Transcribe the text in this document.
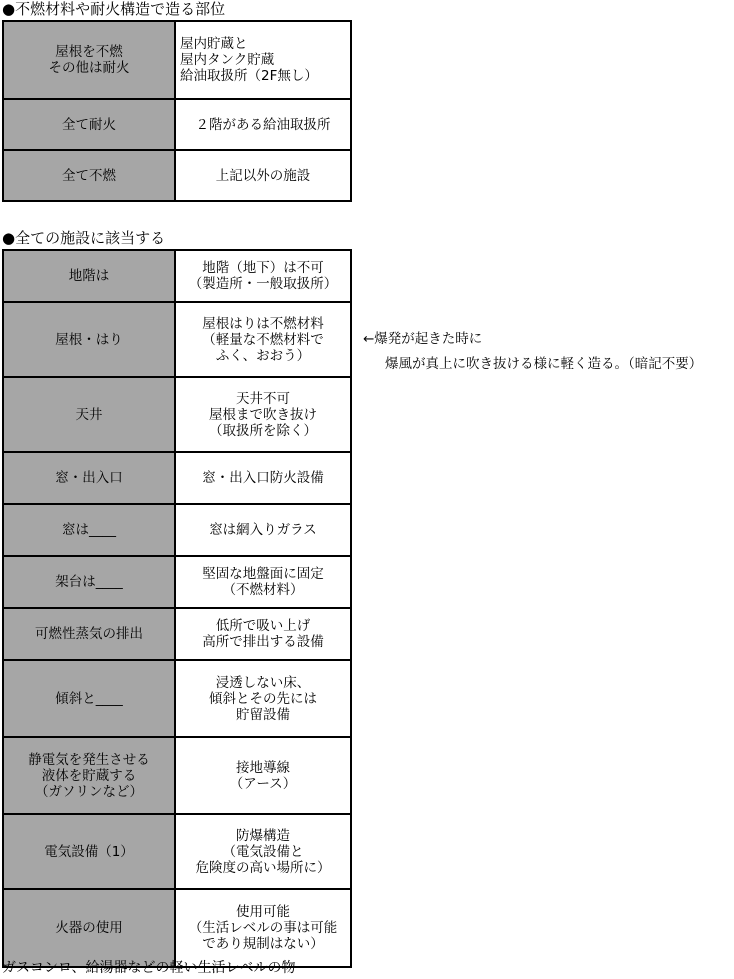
●不燃材料や耐火構造で造る部位
屋根を不燃
その他は耐火	屋内貯蔵と
屋内タンク貯蔵
給油取扱所（2F無し）

全て耐火	２階がある給油取扱所

全て不燃	上記以外の施設
●全ての施設に該当する
地階は	地階（地下）は不可
（製造所・一般取扱所）

屋根・はり	屋根はりは不燃材料
（軽量な不燃材料で
ふく、おおう）

天井	天井不可
屋根まで吹き抜け
（取扱所を除く）

窓・出入口	窓・出入口防火設備

窓は____	窓は網入りガラス

架台は____	堅固な地盤面に固定
（不燃材料）

可燃性蒸気の排出	低所で吸い上げ
高所で排出する設備

傾斜と____	浸透しない床、
傾斜とその先には
貯留設備

静電気を発生させる
液体を貯蔵する
（ガソリンなど）	接地導線
（アース）

電気設備（1）	防爆構造
（電気設備と
危険度の高い場所に）

火器の使用	使用可能
（生活レベルの事は可能
であり規制はない）
←爆発が起きた時に
爆風が真上に吹き抜ける様に軽く造る。（暗記不要）
ガスコンロ、給湯器などの軽い生活レベルの物
